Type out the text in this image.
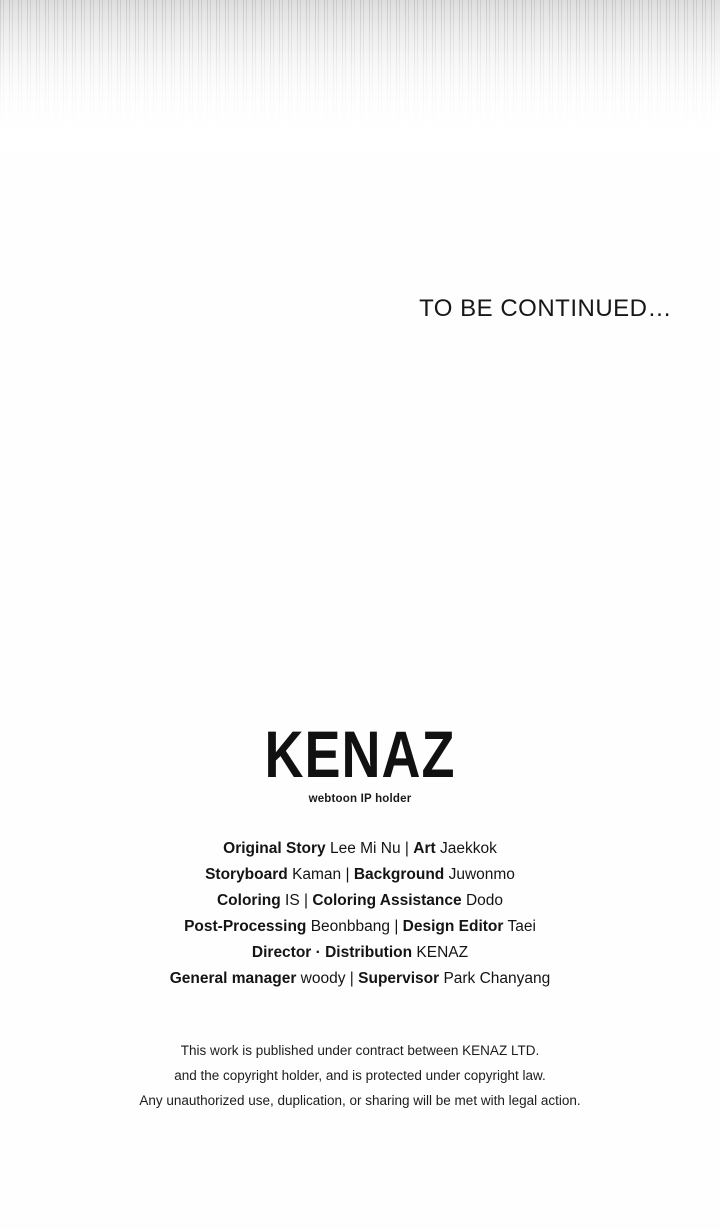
TO BE CONTINUED…
KENAZ
webtoon IP holder
Original Story Lee Mi Nu | Art Jaekkok
Storyboard Kaman | Background Juwonmo
Coloring IS | Coloring Assistance Dodo
Post-Processing Beonbbang | Design Editor Taei
Director · Distribution KENAZ
General manager woody | Supervisor Park Chanyang
This work is published under contract between KENAZ LTD.
and the copyright holder, and is protected under copyright law.
Any unauthorized use, duplication, or sharing will be met with legal action.
